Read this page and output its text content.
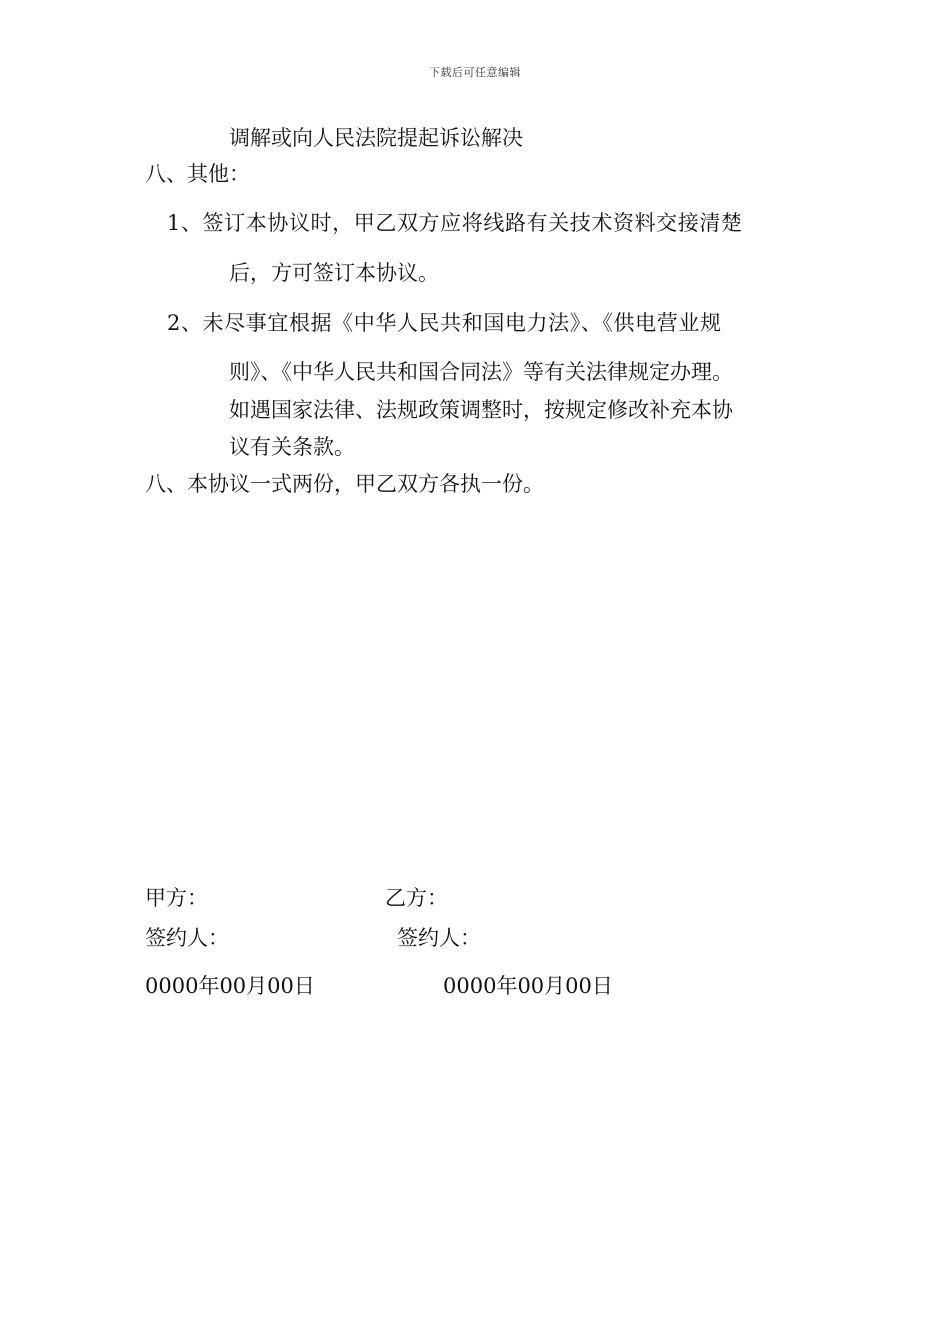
下载后可任意编辑
调解或向人民法院提起诉讼解决
八、其他：
1、签订本协议时，甲乙双方应将线路有关技术资料交接清楚
后，方可签订本协议。
2、未尽事宜根据《中华人民共和国电力法》、《供电营业规
则》、《中华人民共和国合同法》等有关法律规定办理。
如遇国家法律、法规政策调整时，按规定修改补充本协
议有关条款。
八、本协议一式两份，甲乙双方各执一份。
甲方：	乙方：
签约人：	签约人：
0000年00月00日	0000年00月00日
